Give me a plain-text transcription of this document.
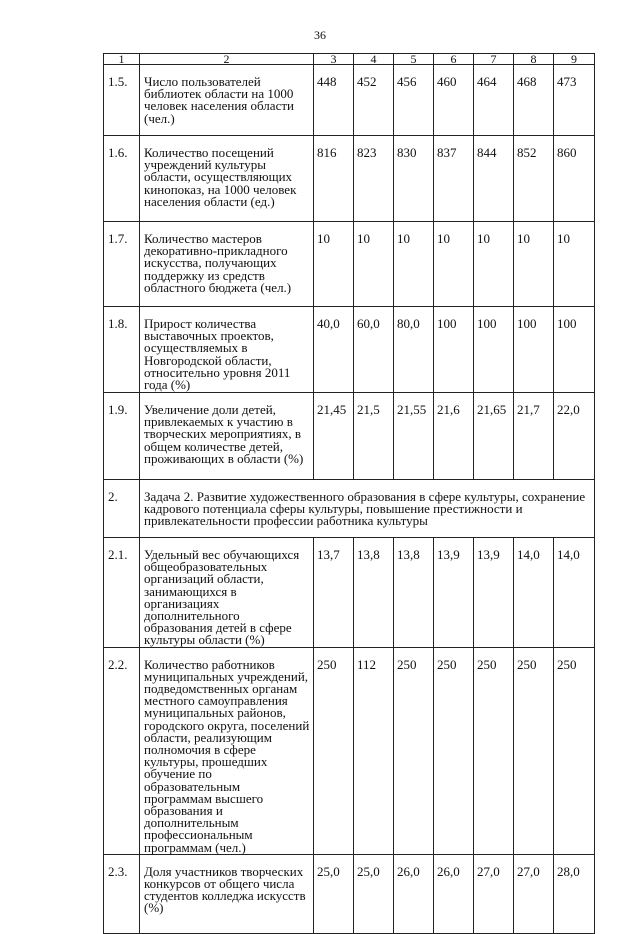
36
1	2	3	4	5	6	7	8	9
1.5.	Число пользователей библиотек области на 1000 человек населения области (чел.)	448	452	456	460	464	468	473
1.6.	Количество посещений учреждений культуры области, осуществляющих кинопоказ, на 1000 человек населения области (ед.)	816	823	830	837	844	852	860
1.7.	Количество мастеров декоративно-прикладного искусства, получающих поддержку из средств областного бюджета (чел.)	10	10	10	10	10	10	10
1.8.	Прирост количества выставочных проектов, осуществляемых в Новгородской области, относительно уровня 2011 года (%)	40,0	60,0	80,0	100	100	100	100
1.9.	Увеличение доли детей, привлекаемых к участию в творческих мероприятиях, в общем количестве детей, проживающих в области (%)	21,45	21,5	21,55	21,6	21,65	21,7	22,0
2.	Задача 2. Развитие художественного образования в сфере культуры, сохранение кадрового потенциала сферы культуры, повышение престижности и привлекательности профессии работника культуры							
2.1.	Удельный вес обучающихся общеобразовательных организаций области, занимающихся в организациях дополнительного образования детей в сфере культуры области (%)	13,7	13,8	13,8	13,9	13,9	14,0	14,0
2.2.	Количество работников муниципальных учреждений, подведомственных органам местного самоуправления муниципальных районов, городского округа, поселений области, реализующим полномочия в сфере культуры, прошедших обучение по образовательным программам высшего образования и дополнительным профессиональным программам (чел.)	250	112	250	250	250	250	250
2.3.	Доля участников творческих конкурсов от общего числа студентов колледжа искусств (%)	25,0	25,0	26,0	26,0	27,0	27,0	28,0
